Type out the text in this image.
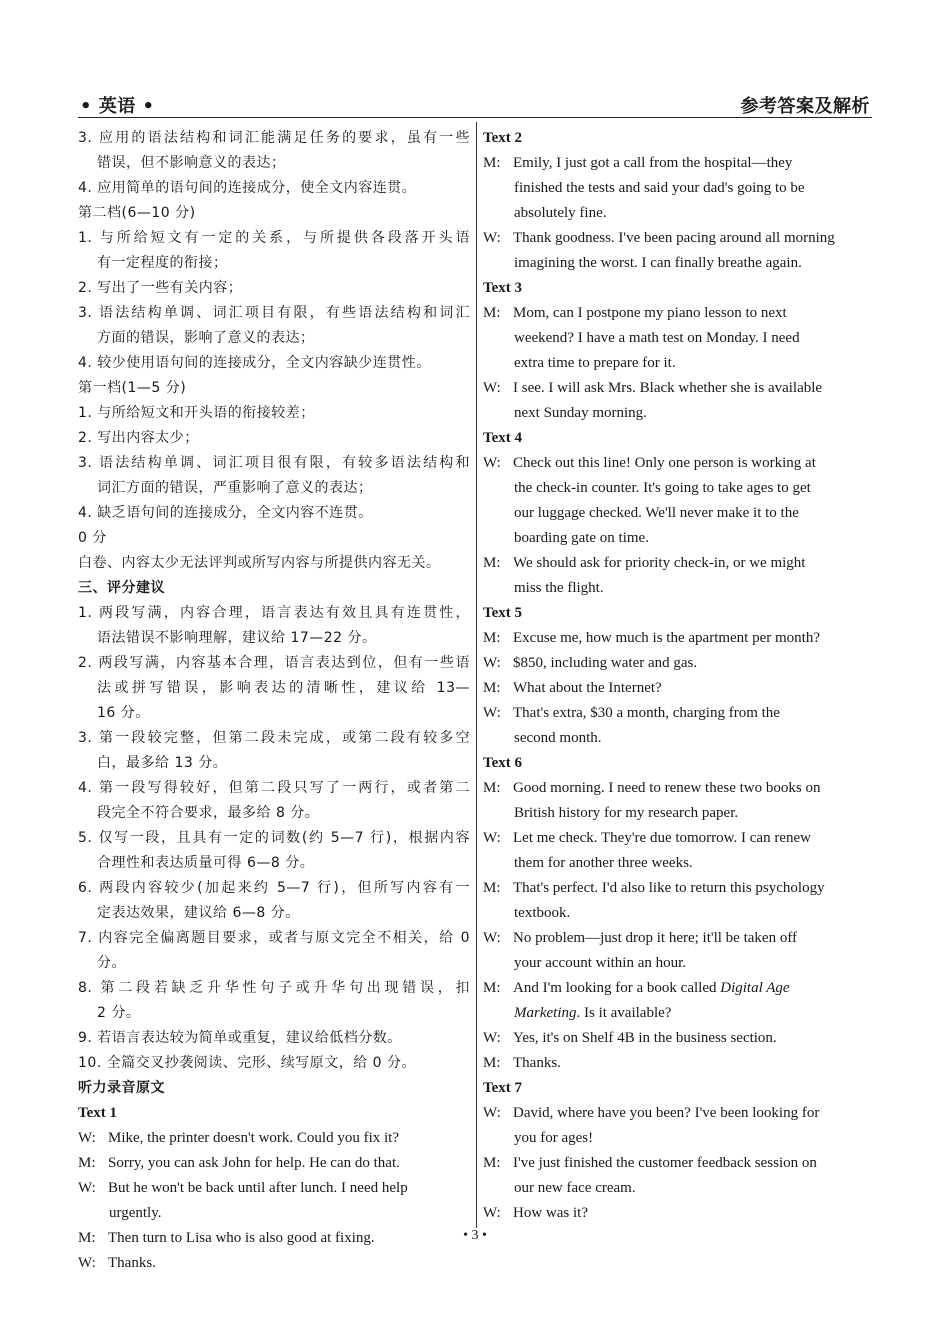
• 英语 •	参考答案及解析
3. 应用的语法结构和词汇能满足任务的要求，虽有一些
错误，但不影响意义的表达；
4. 应用简单的语句间的连接成分，使全文内容连贯。
第二档(6—10 分)
1. 与所给短文有一定的关系，与所提供各段落开头语
有一定程度的衔接；
2. 写出了一些有关内容；
3. 语法结构单调、词汇项目有限，有些语法结构和词汇
方面的错误，影响了意义的表达；
4. 较少使用语句间的连接成分，全文内容缺少连贯性。
第一档(1—5 分)
1. 与所给短文和开头语的衔接较差；
2. 写出内容太少；
3. 语法结构单调、词汇项目很有限，有较多语法结构和
词汇方面的错误，严重影响了意义的表达；
4. 缺乏语句间的连接成分，全文内容不连贯。
0 分
白卷、内容太少无法评判或所写内容与所提供内容无关。
三、评分建议
1. 两段写满，内容合理，语言表达有效且具有连贯性，
语法错误不影响理解，建议给 17—22 分。
2. 两段写满，内容基本合理，语言表达到位，但有一些语
法或拼写错误，影响表达的清晰性，建议给 13—
16 分。
3. 第一段较完整，但第二段未完成，或第二段有较多空
白，最多给 13 分。
4. 第一段写得较好，但第二段只写了一两行，或者第二
段完全不符合要求，最多给 8 分。
5. 仅写一段，且具有一定的词数(约 5—7 行)，根据内容
合理性和表达质量可得 6—8 分。
6. 两段内容较少(加起来约 5—7 行)，但所写内容有一
定表达效果，建议给 6—8 分。
7. 内容完全偏离题目要求，或者与原文完全不相关，给 0
分。
8. 第二段若缺乏升华性句子或升华句出现错误，扣
2 分。
9. 若语言表达较为简单或重复，建议给低档分数。
10. 全篇交叉抄袭阅读、完形、续写原文，给 0 分。
听力录音原文
Text 1
W: Mike, the printer doesn't work. Could you fix it?
M: Sorry, you can ask John for help. He can do that.
W: But he won't be back until after lunch. I need help
urgently.
M: Then turn to Lisa who is also good at fixing.
W: Thanks.
Text 2
M: Emily, I just got a call from the hospital—they
finished the tests and said your dad's going to be
absolutely fine.
W: Thank goodness. I've been pacing around all morning
imagining the worst. I can finally breathe again.
Text 3
M: Mom, can I postpone my piano lesson to next
weekend? I have a math test on Monday. I need
extra time to prepare for it.
W: I see. I will ask Mrs. Black whether she is available
next Sunday morning.
Text 4
W: Check out this line! Only one person is working at
the check-in counter. It's going to take ages to get
our luggage checked. We'll never make it to the
boarding gate on time.
M: We should ask for priority check-in, or we might
miss the flight.
Text 5
M: Excuse me, how much is the apartment per month?
W: $850, including water and gas.
M: What about the Internet?
W: That's extra, $30 a month, charging from the
second month.
Text 6
M: Good morning. I need to renew these two books on
British history for my research paper.
W: Let me check. They're due tomorrow. I can renew
them for another three weeks.
M: That's perfect. I'd also like to return this psychology
textbook.
W: No problem—just drop it here; it'll be taken off
your account within an hour.
M: And I'm looking for a book called Digital Age
Marketing. Is it available?
W: Yes, it's on Shelf 4B in the business section.
M: Thanks.
Text 7
W: David, where have you been? I've been looking for
you for ages!
M: I've just finished the customer feedback session on
our new face cream.
W: How was it?
• 3 •
